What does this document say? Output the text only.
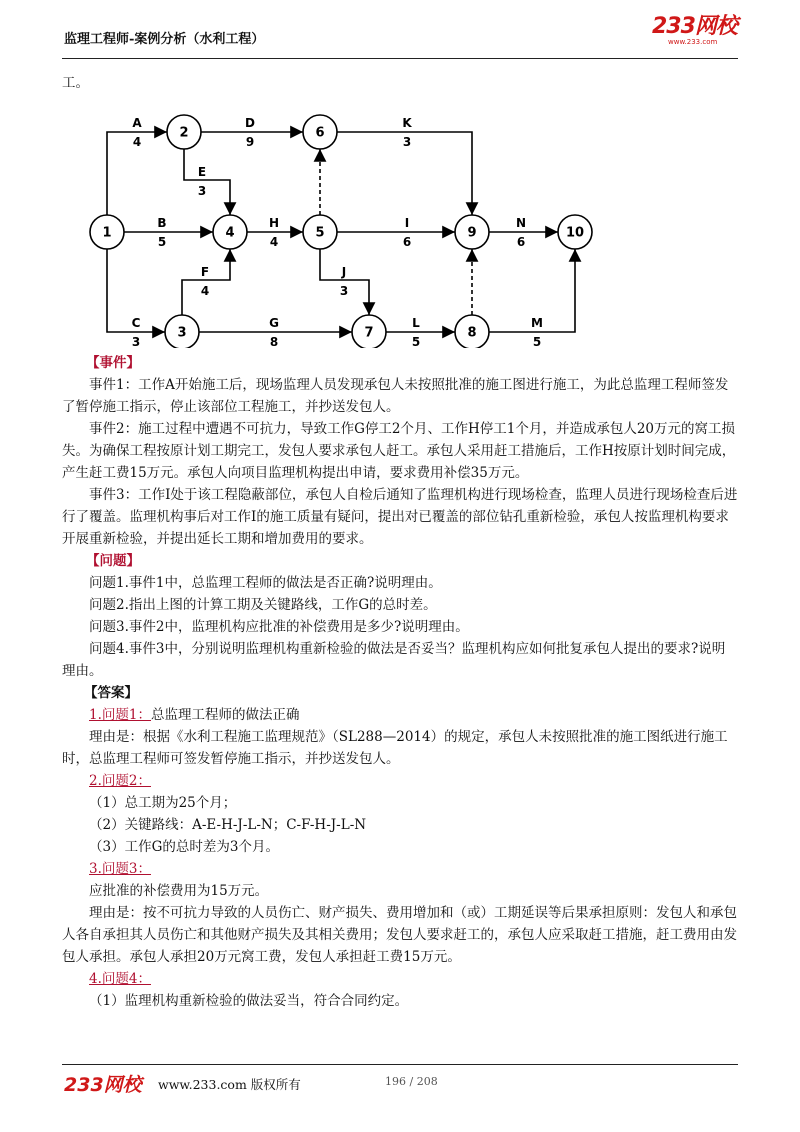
监理工程师-案例分析（水利工程）
233网校
www.233.com

工。

A
4
B
5
C
3
D
9
E
3
F
4
G
8
H
4
I
6
J
3
K
3
L
5
M
5
N
6
1
2
3
4	5
6
7	8
9	10

【事件】

事件1：工作A开始施工后，现场监理人员发现承包人未按照批准的施工图进行施工，为此总监理工程师签发了暂停施工指示，停止该部位工程施工，并抄送发包人。

事件2：施工过程中遭遇不可抗力，导致工作G停工2个月、工作H停工1个月，并造成承包人20万元的窝工损失。为确保工程按原计划工期完工，发包人要求承包人赶工。承包人采用赶工措施后，工作H按原计划时间完成，产生赶工费15万元。承包人向项目监理机构提出申请，要求费用补偿35万元。

事件3：工作I处于该工程隐蔽部位，承包人自检后通知了监理机构进行现场检查，监理人员进行现场检查后进行了覆盖。监理机构事后对工作I的施工质量有疑问，提出对已覆盖的部位钻孔重新检验，承包人按监理机构要求开展重新检验，并提出延长工期和增加费用的要求。

【问题】

问题1.事件1中，总监理工程师的做法是否正确?说明理由。

问题2.指出上图的计算工期及关键路线，工作G的总时差。

问题3.事件2中，监理机构应批准的补偿费用是多少?说明理由。

问题4.事件3中，分别说明监理机构重新检验的做法是否妥当？监理机构应如何批复承包人提出的要求?说明理由。

【答案】

1.问题1：总监理工程师的做法正确

理由是：根据《水利工程施工监理规范》（SL288—2014）的规定，承包人未按照批准的施工图纸进行施工时，总监理工程师可签发暂停施工指示，并抄送发包人。

2.问题2：

（1）总工期为25个月；

（2）关键路线：A-E-H-J-L-N；C-F-H-J-L-N

（3）工作G的总时差为3个月。

3.问题3：

应批准的补偿费用为15万元。

理由是：按不可抗力导致的人员伤亡、财产损失、费用增加和（或）工期延误等后果承担原则：发包人和承包人各自承担其人员伤亡和其他财产损失及其相关费用；发包人要求赶工的，承包人应采取赶工措施，赶工费用由发包人承担。承包人承担20万元窝工费，发包人承担赶工费15万元。

4.问题4：

（1）监理机构重新检验的做法妥当，符合合同约定。

233网校 www.233.com 版权所有	196 / 208
